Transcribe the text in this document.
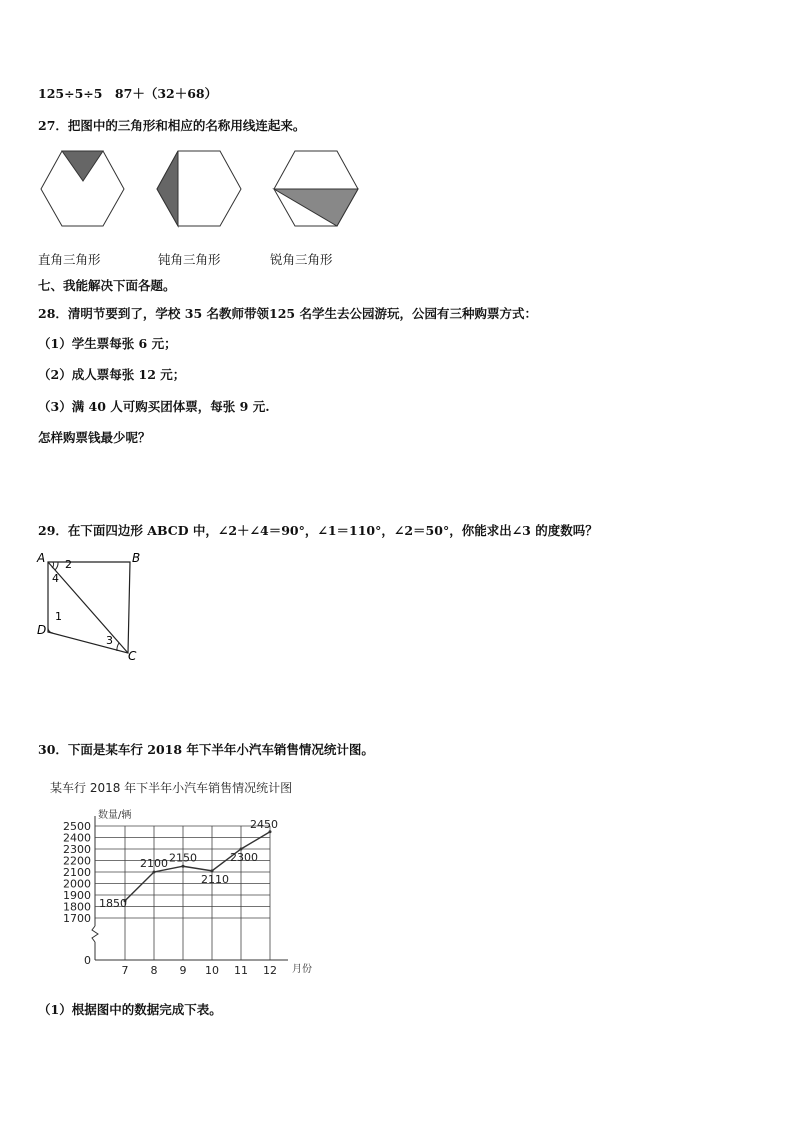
125÷5÷5　87＋（32＋68）
27．把图中的三角形和相应的名称用线连起来。
直角三角形	钝角三角形	锐角三角形
七、我能解决下面各题。
28．清明节要到了，学校 35 名教师带领125 名学生去公园游玩，公园有三种购票方式：
（1）学生票每张 6 元；
（2）成人票每张 12 元；
（3）满 40 人可购买团体票，每张 9 元.
怎样购票钱最少呢？
29．在下面四边形 ABCD 中，∠2＋∠4＝90°，∠1＝110°，∠2＝50°，你能求出∠3 的度数吗？
A	B
C
D
1
2
3
4
30．下面是某车行 2018 年下半年小汽车销售情况统计图。
某车行 2018 年下半年小汽车销售情况统计图
数量/辆
月份
1700
1800
1900
2000
2100
2200
2300
2400
2500
0
7 8 9 10 11 12
1850
2100 2150
2110
2300
2450
（1）根据图中的数据完成下表。
